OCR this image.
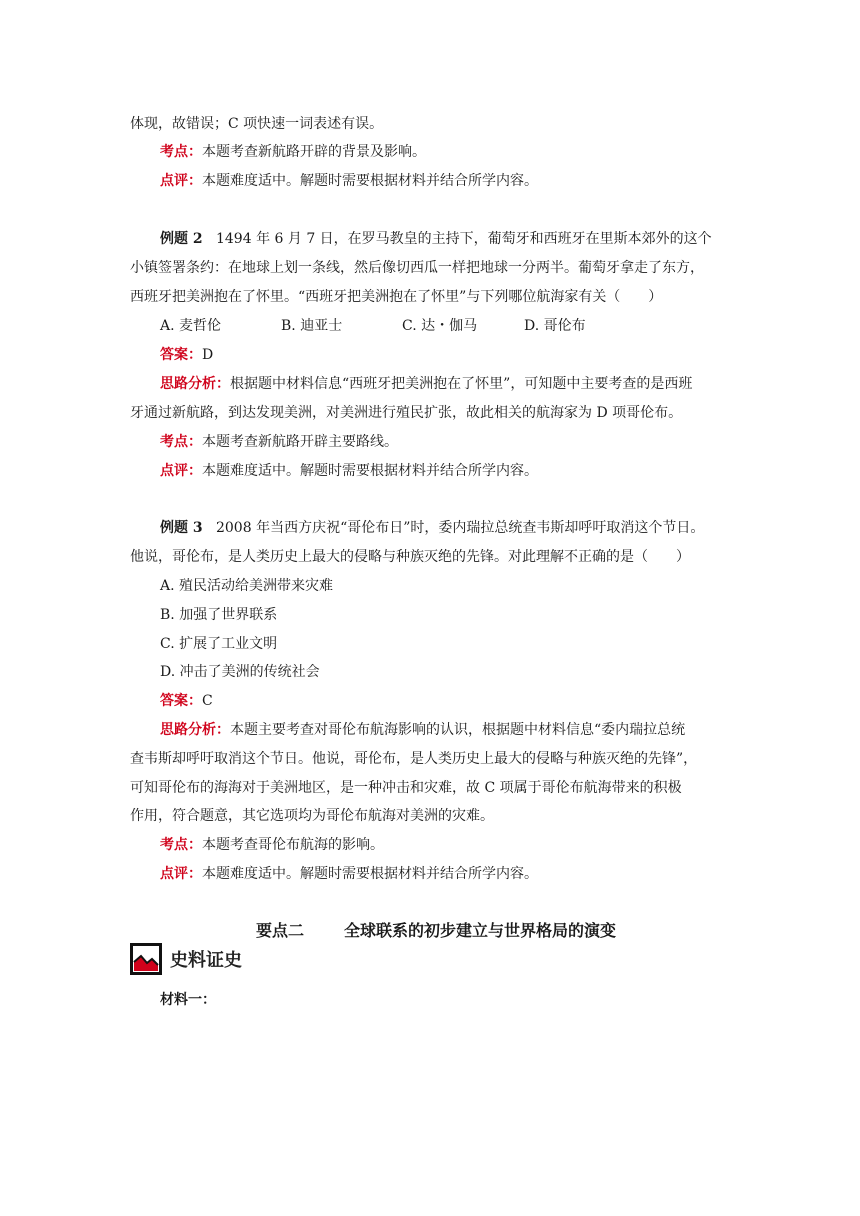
体现，故错误；C 项快速一词表述有误。
考点：本题考查新航路开辟的背景及影响。
点评：本题难度适中。解题时需要根据材料并结合所学内容。
例题 2 1494 年 6 月 7 日，在罗马教皇的主持下，葡萄牙和西班牙在里斯本郊外的这个
小镇签署条约：在地球上划一条线，然后像切西瓜一样把地球一分两半。葡萄牙拿走了东方，
西班牙把美洲抱在了怀里。“西班牙把美洲抱在了怀里”与下列哪位航海家有关（　　）
A. 麦哲伦	B. 迪亚士	C. 达・伽马	D. 哥伦布
答案：D
思路分析：根据题中材料信息“西班牙把美洲抱在了怀里”，可知题中主要考查的是西班
牙通过新航路，到达发现美洲，对美洲进行殖民扩张，故此相关的航海家为 D 项哥伦布。
考点：本题考查新航路开辟主要路线。
点评：本题难度适中。解题时需要根据材料并结合所学内容。
例题 3 2008 年当西方庆祝“哥伦布日”时，委内瑞拉总统查韦斯却呼吁取消这个节日。
他说，哥伦布，是人类历史上最大的侵略与种族灭绝的先锋。对此理解不正确的是（　　）
A. 殖民活动给美洲带来灾难
B. 加强了世界联系
C. 扩展了工业文明
D. 冲击了美洲的传统社会
答案：C
思路分析：本题主要考查对哥伦布航海影响的认识，根据题中材料信息“委内瑞拉总统
查韦斯却呼吁取消这个节日。他说，哥伦布，是人类历史上最大的侵略与种族灭绝的先锋”，
可知哥伦布的海海对于美洲地区，是一种冲击和灾难，故 C 项属于哥伦布航海带来的积极
作用，符合题意，其它选项均为哥伦布航海对美洲的灾难。
考点：本题考查哥伦布航海的影响。
点评：本题难度适中。解题时需要根据材料并结合所学内容。
要点二	全球联系的初步建立与世界格局的演变
史料证史
材料一：
